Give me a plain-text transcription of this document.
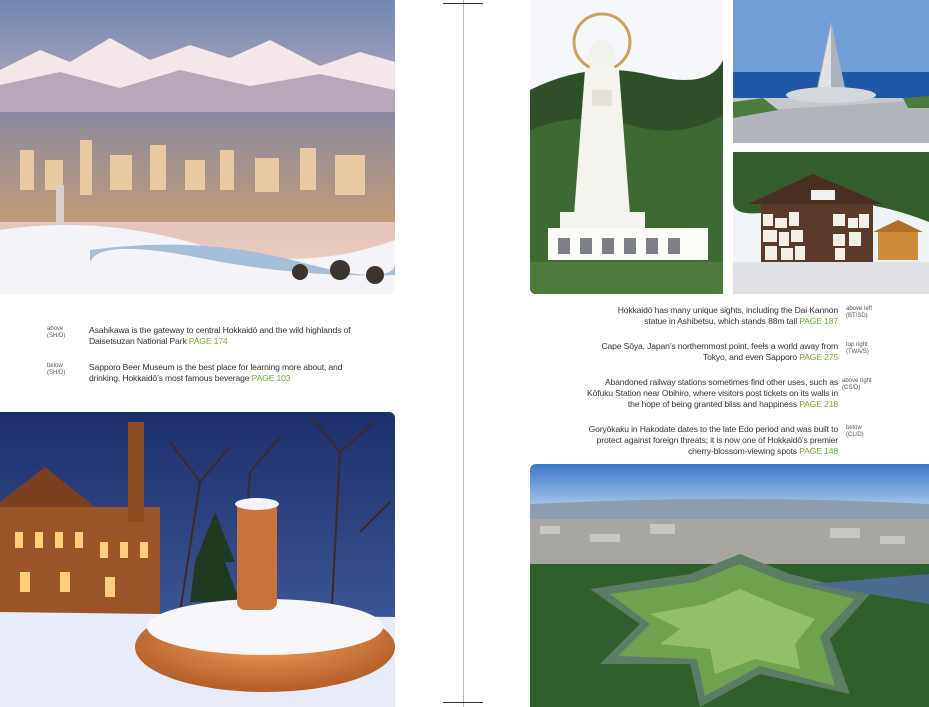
above (SH/D)
Asahikawa is the gateway to central Hokkaidō and the wild highlands of Daisetsuzan National Park PAGE 174
below (SH/D)
Sapporo Beer Museum is the best place for learning more about, and drinking, Hokkaidō’s most famous beverage PAGE 103
Hokkaidō has many unique sights, including the Dai Kannon statue in Ashibetsu, which stands 88m tall PAGE 187
above left (BT/SD)
Cape Sōya, Japan’s northernmost point, feels a world away from Tokyo, and even Sapporo PAGE 275
top right (TWA/S)
Abandoned railway stations sometimes find other uses, such as Kōfuku Station near Obihiro, where visitors post tickets on its walls in the hope of being granted bliss and happiness PAGE 218
above right (CS/D)
Goryōkaku in Hakodate dates to the late Edo period and was built to protect against foreign threats; it is now one of Hokkaidō’s premier cherry-blossom-viewing spots PAGE 148
below (CL/D)
